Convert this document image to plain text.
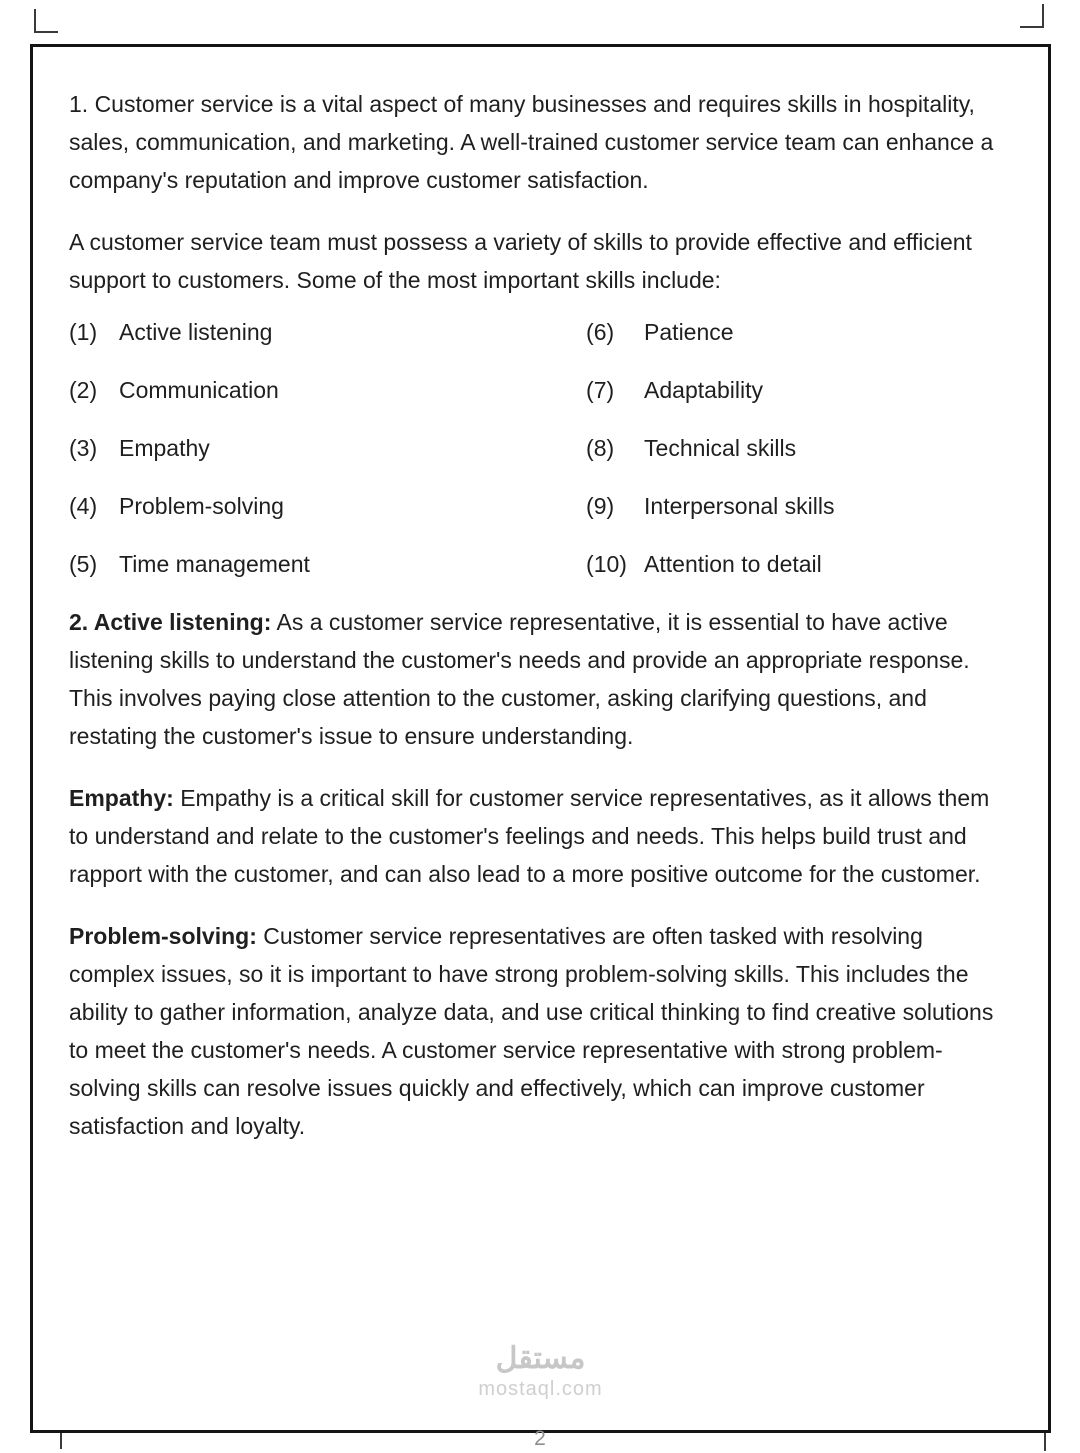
1. Customer service is a vital aspect of many businesses and requires skills in hospitality, sales, communication, and marketing. A well-trained customer service team can enhance a company's reputation and improve customer satisfaction.

A customer service team must possess a variety of skills to provide effective and efficient support to customers. Some of the most important skills include:

(1) Active listening	(6) Patience
(2) Communication	(7) Adaptability
(3) Empathy	(8) Technical skills
(4) Problem-solving	(9) Interpersonal skills
(5) Time management	(10) Attention to detail

2. Active listening: As a customer service representative, it is essential to have active listening skills to understand the customer's needs and provide an appropriate response. This involves paying close attention to the customer, asking clarifying questions, and restating the customer's issue to ensure understanding.

Empathy: Empathy is a critical skill for customer service representatives, as it allows them to understand and relate to the customer's feelings and needs. This helps build trust and rapport with the customer, and can also lead to a more positive outcome for the customer.

Problem-solving: Customer service representatives are often tasked with resolving complex issues, so it is important to have strong problem-solving skills. This includes the ability to gather information, analyze data, and use critical thinking to find creative solutions to meet the customer's needs. A customer service representative with strong problem-solving skills can resolve issues quickly and effectively, which can improve customer satisfaction and loyalty.

مستقل
mostaql.com
2
